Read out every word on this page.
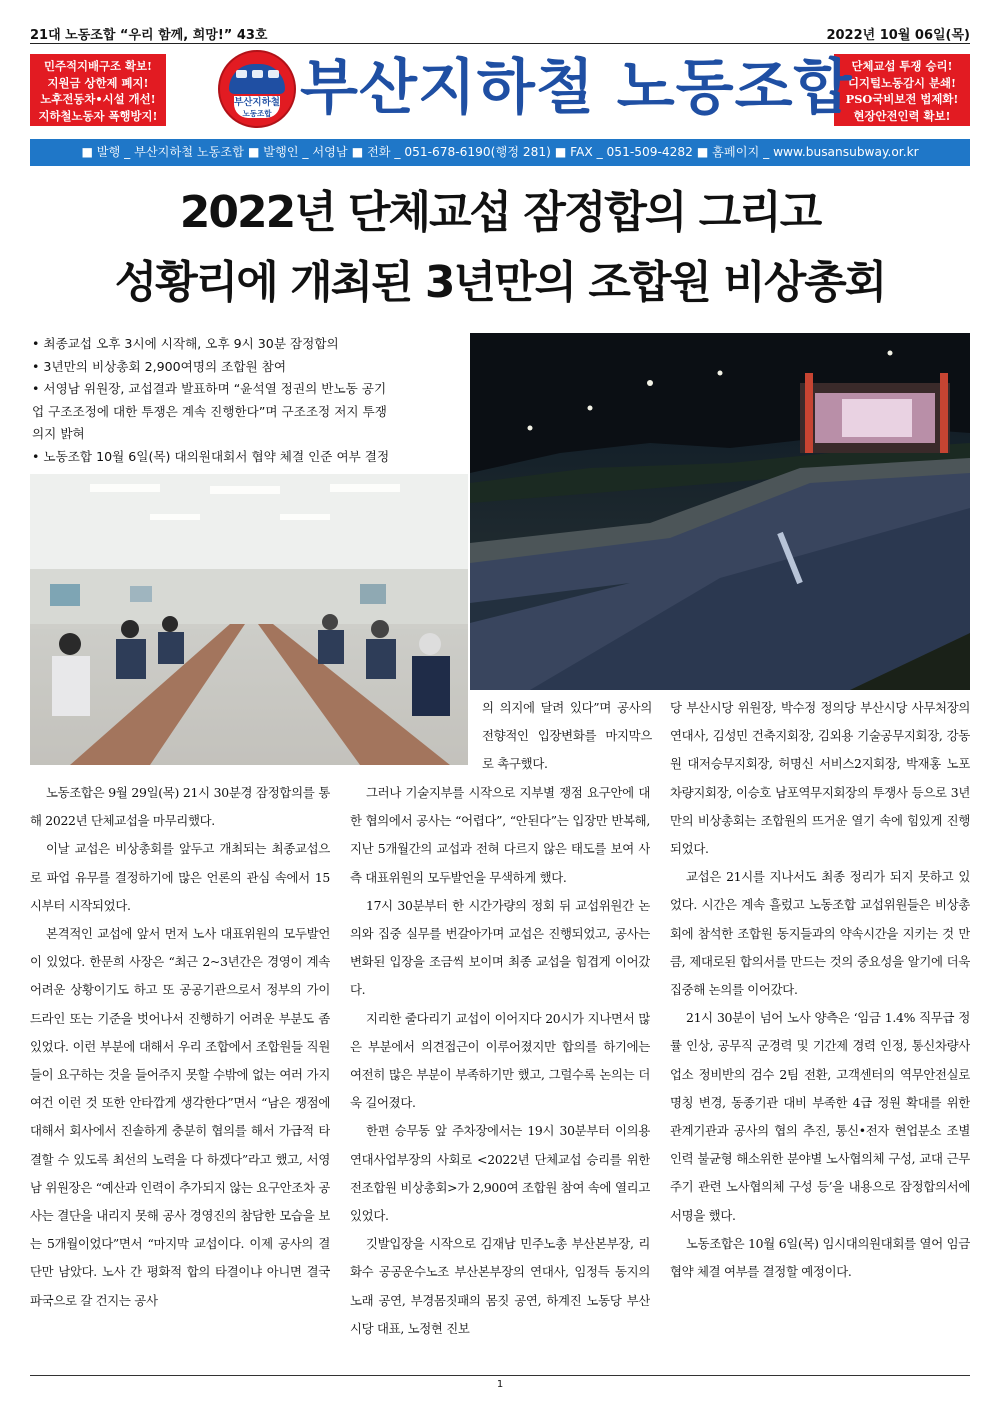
21대 노동조합 “우리 함께, 희망!” 43호	2022년 10월 06일(목)
민주적지배구조 확보!
지원금 상한제 폐지!
노후전동차•시설 개선!
지하철노동자 폭행방지!
단체교섭 투쟁 승리!
디지털노동감시 분쇄!
PSO국비보전 법제화!
현장안전인력 확보!
부산지하철
노동조합 부산지하철 노동조합
■ 발행 _ 부산지하철 노동조합 ■ 발행인 _ 서영남 ■ 전화 _ 051-678-6190(행정 281) ■ FAX _ 051-509-4282 ■ 홈페이지 _ www.busansubway.or.kr
2022년 단체교섭 잠정합의 그리고
성황리에 개최된 3년만의 조합원 비상총회
• 최종교섭 오후 3시에 시작해, 오후 9시 30분 잠정합의
• 3년만의 비상총회 2,900여명의 조합원 참여
• 서영남 위원장, 교섭결과 발표하며 “윤석열 정권의 반노동 공기
업 구조조정에 대한 투쟁은 계속 진행한다”며 구조조정 저지 투쟁
의지 밝혀
• 노동조합 10월 6일(목) 대의원대회서 협약 체결 인준 여부 결정

의 의지에 달려 있다”며 공사의 전향적인 입장변화를 마지막으로 촉구했다.

노동조합은 9월 29일(목) 21시 30분경 잠정합의를 통해 2022년 단체교섭을 마무리했다.

이날 교섭은 비상총회를 앞두고 개최되는 최종교섭으로 파업 유무를 결정하기에 많은 언론의 관심 속에서 15시부터 시작되었다.

본격적인 교섭에 앞서 먼저 노사 대표위원의 모두발언이 있었다. 한문희 사장은 “최근 2~3년간은 경영이 계속 어려운 상황이기도 하고 또 공공기관으로서 정부의 가이드라인 또는 기준을 벗어나서 진행하기 어려운 부분도 좀 있었다. 이런 부분에 대해서 우리 조합에서 조합원들 직원들이 요구하는 것을 들어주지 못할 수밖에 없는 여러 가지 여건 이런 것 또한 안타깝게 생각한다”면서 “남은 쟁점에 대해서 회사에서 진솔하게 충분히 협의를 해서 가급적 타결할 수 있도록 최선의 노력을 다 하겠다”라고 했고, 서영남 위원장은 “예산과 인력이 추가되지 않는 요구안조차 공사는 결단을 내리지 못해 공사 경영진의 참담한 모습을 보는 5개월이었다”면서 “마지막 교섭이다. 이제 공사의 결단만 남았다. 노사 간 평화적 합의 타결이냐 아니면 결국 파국으로 갈 건지는 공사

그러나 기술지부를 시작으로 지부별 쟁점 요구안에 대한 협의에서 공사는 “어렵다”, “안된다”는 입장만 반복해, 지난 5개월간의 교섭과 전혀 다르지 않은 태도를 보여 사측 대표위원의 모두발언을 무색하게 했다.

17시 30분부터 한 시간가량의 정회 뒤 교섭위원간 논의와 집중 실무를 번갈아가며 교섭은 진행되었고, 공사는 변화된 입장을 조금씩 보이며 최종 교섭을 힘겹게 이어갔다.

지리한 줄다리기 교섭이 이어지다 20시가 지나면서 많은 부분에서 의견접근이 이루어졌지만 합의를 하기에는 여전히 많은 부분이 부족하기만 했고, 그럴수록 논의는 더욱 길어졌다.

한편 승무동 앞 주차장에서는 19시 30분부터 이의용 연대사업부장의 사회로 <2022년 단체교섭 승리를 위한 전조합원 비상총회>가 2,900여 조합원 참여 속에 열리고 있었다.

깃발입장을 시작으로 김재남 민주노총 부산본부장, 리화수 공공운수노조 부산본부장의 연대사, 임정득 동지의 노래 공연, 부경몸짓패의 몸짓 공연, 하계진 노동당 부산시당 대표, 노정현 진보

당 부산시당 위원장, 박수정 정의당 부산시당 사무처장의 연대사, 김성민 건축지회장, 김외용 기술공무지회장, 강동원 대저승무지회장, 허명신 서비스2지회장, 박재홍 노포차량지회장, 이승호 남포역무지회장의 투쟁사 등으로 3년만의 비상총회는 조합원의 뜨거운 열기 속에 힘있게 진행되었다.

교섭은 21시를 지나서도 최종 정리가 되지 못하고 있었다. 시간은 계속 흘렀고 노동조합 교섭위원들은 비상총회에 참석한 조합원 동지들과의 약속시간을 지키는 것 만큼, 제대로된 합의서를 만드는 것의 중요성을 알기에 더욱 집중해 논의를 이어갔다.

21시 30분이 넘어 노사 양측은 ‘임금 1.4% 직무급 정률 인상, 공무직 군경력 및 기간제 경력 인정, 통신차량사업소 정비반의 검수 2팀 전환, 고객센터의 역무안전실로 명칭 변경, 동종기관 대비 부족한 4급 정원 확대를 위한 관계기관과 공사의 협의 추진, 통신•전자 현업분소 조별 인력 불균형 해소위한 분야별 노사협의체 구성, 교대 근무주기 관련 노사협의체 구성 등’을 내용으로 잠정합의서에 서명을 했다.

노동조합은 10월 6일(목) 임시대의원대회를 열어 임금협약 체결 여부를 결정할 예정이다.

1
